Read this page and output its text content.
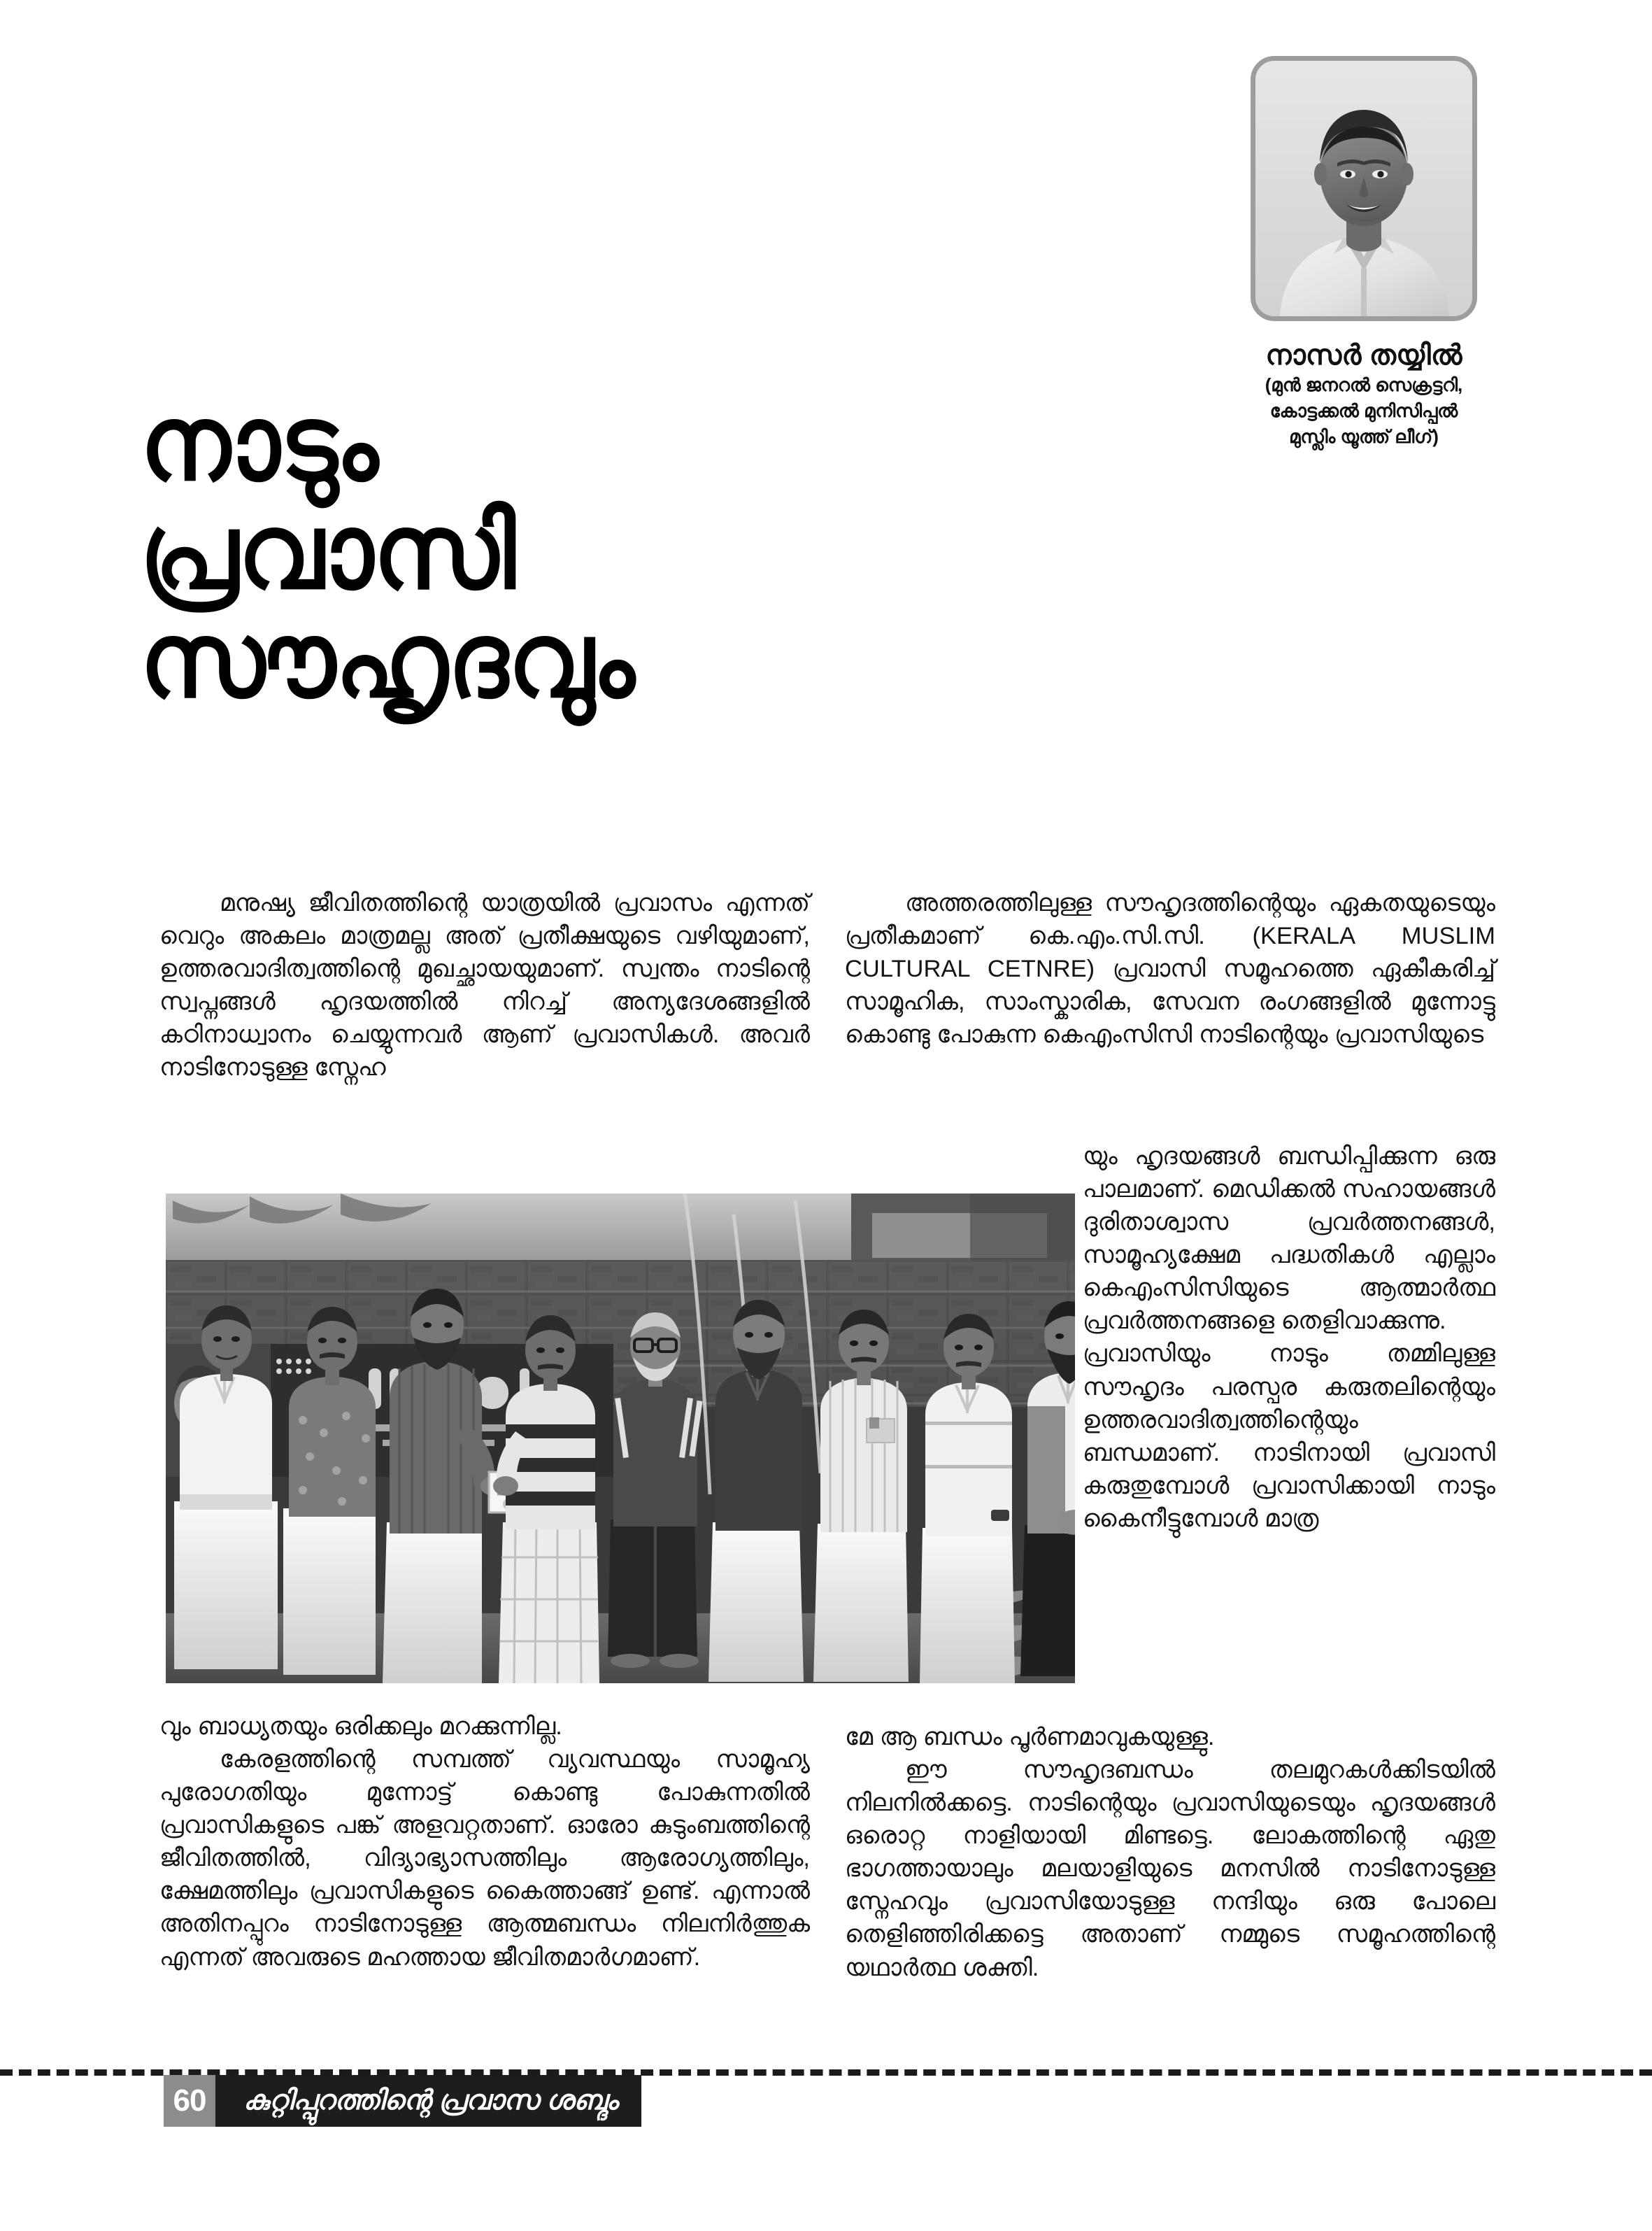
നാസർ തയ്യിൽ
(മുൻ ജനറൽ സെക്രട്ടറി,
കോട്ടക്കൽ മുനിസിപ്പൽ
മുസ്ലിം യൂത്ത് ലീഗ്)
നാടും
പ്രവാസി
സൗഹൃദവും

മനുഷ്യ ജീവിതത്തിന്റെ യാത്രയിൽ പ്രവാസം എന്നത് വെറും അകലം മാത്രമല്ല അത് പ്രതീക്ഷയുടെ വഴിയുമാണ്, ഉത്തരവാദിത്വത്തിന്റെ മുഖച്ഛായയുമാണ്. സ്വന്തം നാടിന്റെ സ്വപ്നങ്ങൾ ഹൃദയത്തിൽ നിറച്ച് അന്യദേശങ്ങളിൽ കഠിനാധ്വാനം ചെയ്യുന്നവർ ആണ് പ്രവാസികൾ. അവർ നാടിനോടുള്ള സ്നേഹ

അത്തരത്തിലുള്ള സൗഹൃദത്തിന്റെയും ഏകതയുടെയും പ്രതീകമാണ് കെ.എം.സി.സി. (KERALA MUSLIM CULTURAL CETNRE) പ്രവാസി സമൂഹത്തെ ഏകീകരിച്ച് സാമൂഹിക, സാംസ്കാരിക, സേവന രംഗങ്ങളിൽ മുന്നോട്ടു കൊണ്ടു പോകുന്ന കെഎംസിസി നാടിന്റെയും പ്രവാസിയുടെ

യും ഹൃദയങ്ങൾ ബന്ധിപ്പിക്കുന്ന ഒരു പാലമാണ്. മെഡിക്കൽ സഹായങ്ങൾ ദുരിതാശ്വാസ പ്രവർത്തനങ്ങൾ, സാമൂഹ്യക്ഷേമ പദ്ധതികൾ എല്ലാം കെഎംസിസിയുടെ ആത്മാർത്ഥ പ്രവർത്തനങ്ങളെ തെളിവാക്കുന്നു.

പ്രവാസിയും നാടും തമ്മിലുള്ള സൗഹൃദം പരസ്പര കരുതലിന്റെയും ഉത്തരവാദിത്വത്തിന്റെയും ബന്ധമാണ്. നാടിനായി പ്രവാസി കരുതുമ്പോൾ പ്രവാസിക്കായി നാടും കൈനീട്ടുമ്പോൾ മാത്ര

വും ബാധ്യതയും ഒരിക്കലും മറക്കുന്നില്ല.

കേരളത്തിന്റെ സമ്പത്ത് വ്യവസ്ഥയും സാമൂഹ്യ പുരോഗതിയും മുന്നോട്ട് കൊണ്ടു പോകുന്നതിൽ പ്രവാസികളുടെ പങ്ക് അളവറ്റതാണ്. ഓരോ കുടുംബത്തിന്റെ ജീവിതത്തിൽ, വിദ്യാഭ്യാസത്തിലും ആരോഗ്യത്തിലും, ക്ഷേമത്തിലും പ്രവാസികളുടെ കൈത്താങ്ങ് ഉണ്ട്. എന്നാൽ അതിനപ്പുറം നാടിനോടുള്ള ആത്മബന്ധം നിലനിർത്തുക എന്നത് അവരുടെ മഹത്തായ ജീവിതമാർഗമാണ്.

മേ ആ ബന്ധം പൂർണമാവുകയുള്ളു.

ഈ സൗഹൃദബന്ധം തലമുറകൾക്കിടയിൽ നിലനിൽക്കട്ടെ. നാടിന്റെയും പ്രവാസിയുടെയും ഹൃദയങ്ങൾ ഒരൊറ്റ നാളിയായി മിണ്ടട്ടെ. ലോകത്തിന്റെ ഏതു ഭാഗത്തായാലും മലയാളിയുടെ മനസിൽ നാടിനോടുള്ള സ്നേഹവും പ്രവാസിയോടുള്ള നന്ദിയും ഒരു പോലെ തെളിഞ്ഞിരിക്കട്ടെ അതാണ് നമ്മുടെ സമൂഹത്തിന്റെ യഥാർത്ഥ ശക്തി.

60	കുറ്റിപ്പുറത്തിന്റെ പ്രവാസ ശബ്ദം
